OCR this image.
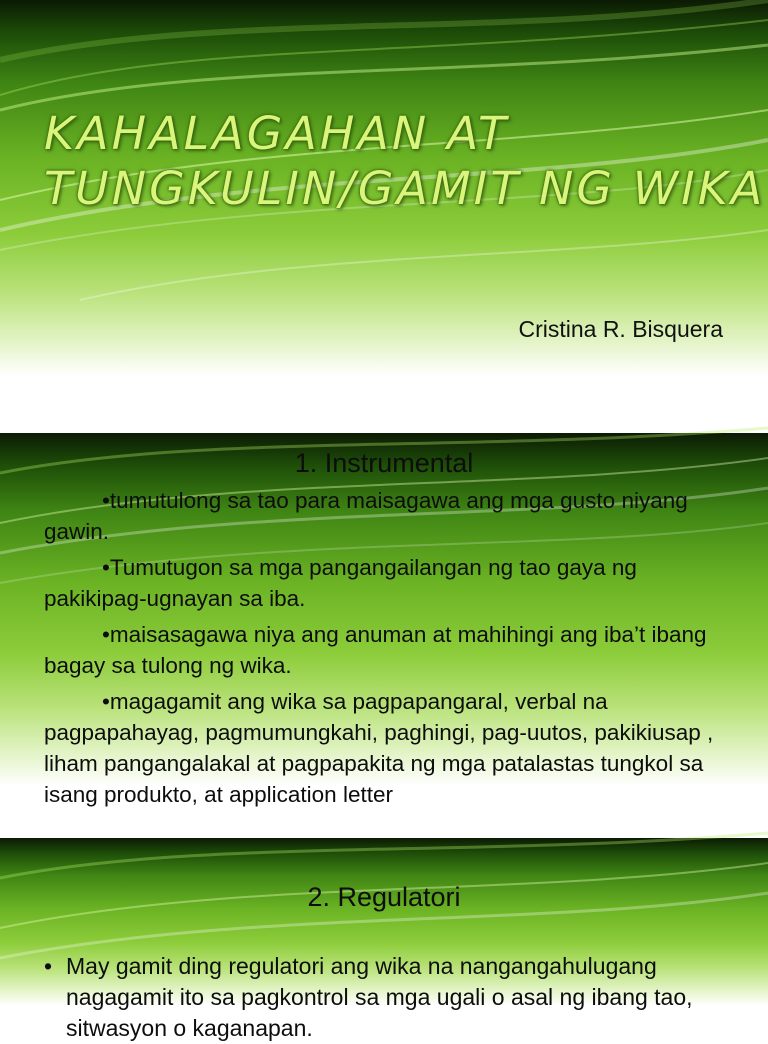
KAHALAGAHAN AT
TUNGKULIN/GAMIT NG WIKA
Cristina R. Bisquera
1. Instrumental

•tumutulong sa tao para maisagawa ang mga gusto niyang gawin.

•Tumutugon sa mga pangangailangan ng tao gaya ng pakikipag-ugnayan sa iba.

•maisasagawa niya ang anuman at mahihingi ang iba’t ibang bagay sa tulong ng wika.

•magagamit ang wika sa pagpapangaral, verbal na pagpapahayag, pagmumungkahi, paghingi, pag-uutos, pakikiusap , liham pangangalakal at pagpapakita ng mga patalastas tungkol sa isang produkto, at application letter

2. Regulatori
• May gamit ding regulatori ang wika na nangangahulugang nagagamit ito sa pagkontrol sa mga ugali o asal ng ibang tao, sitwasyon o kaganapan.
